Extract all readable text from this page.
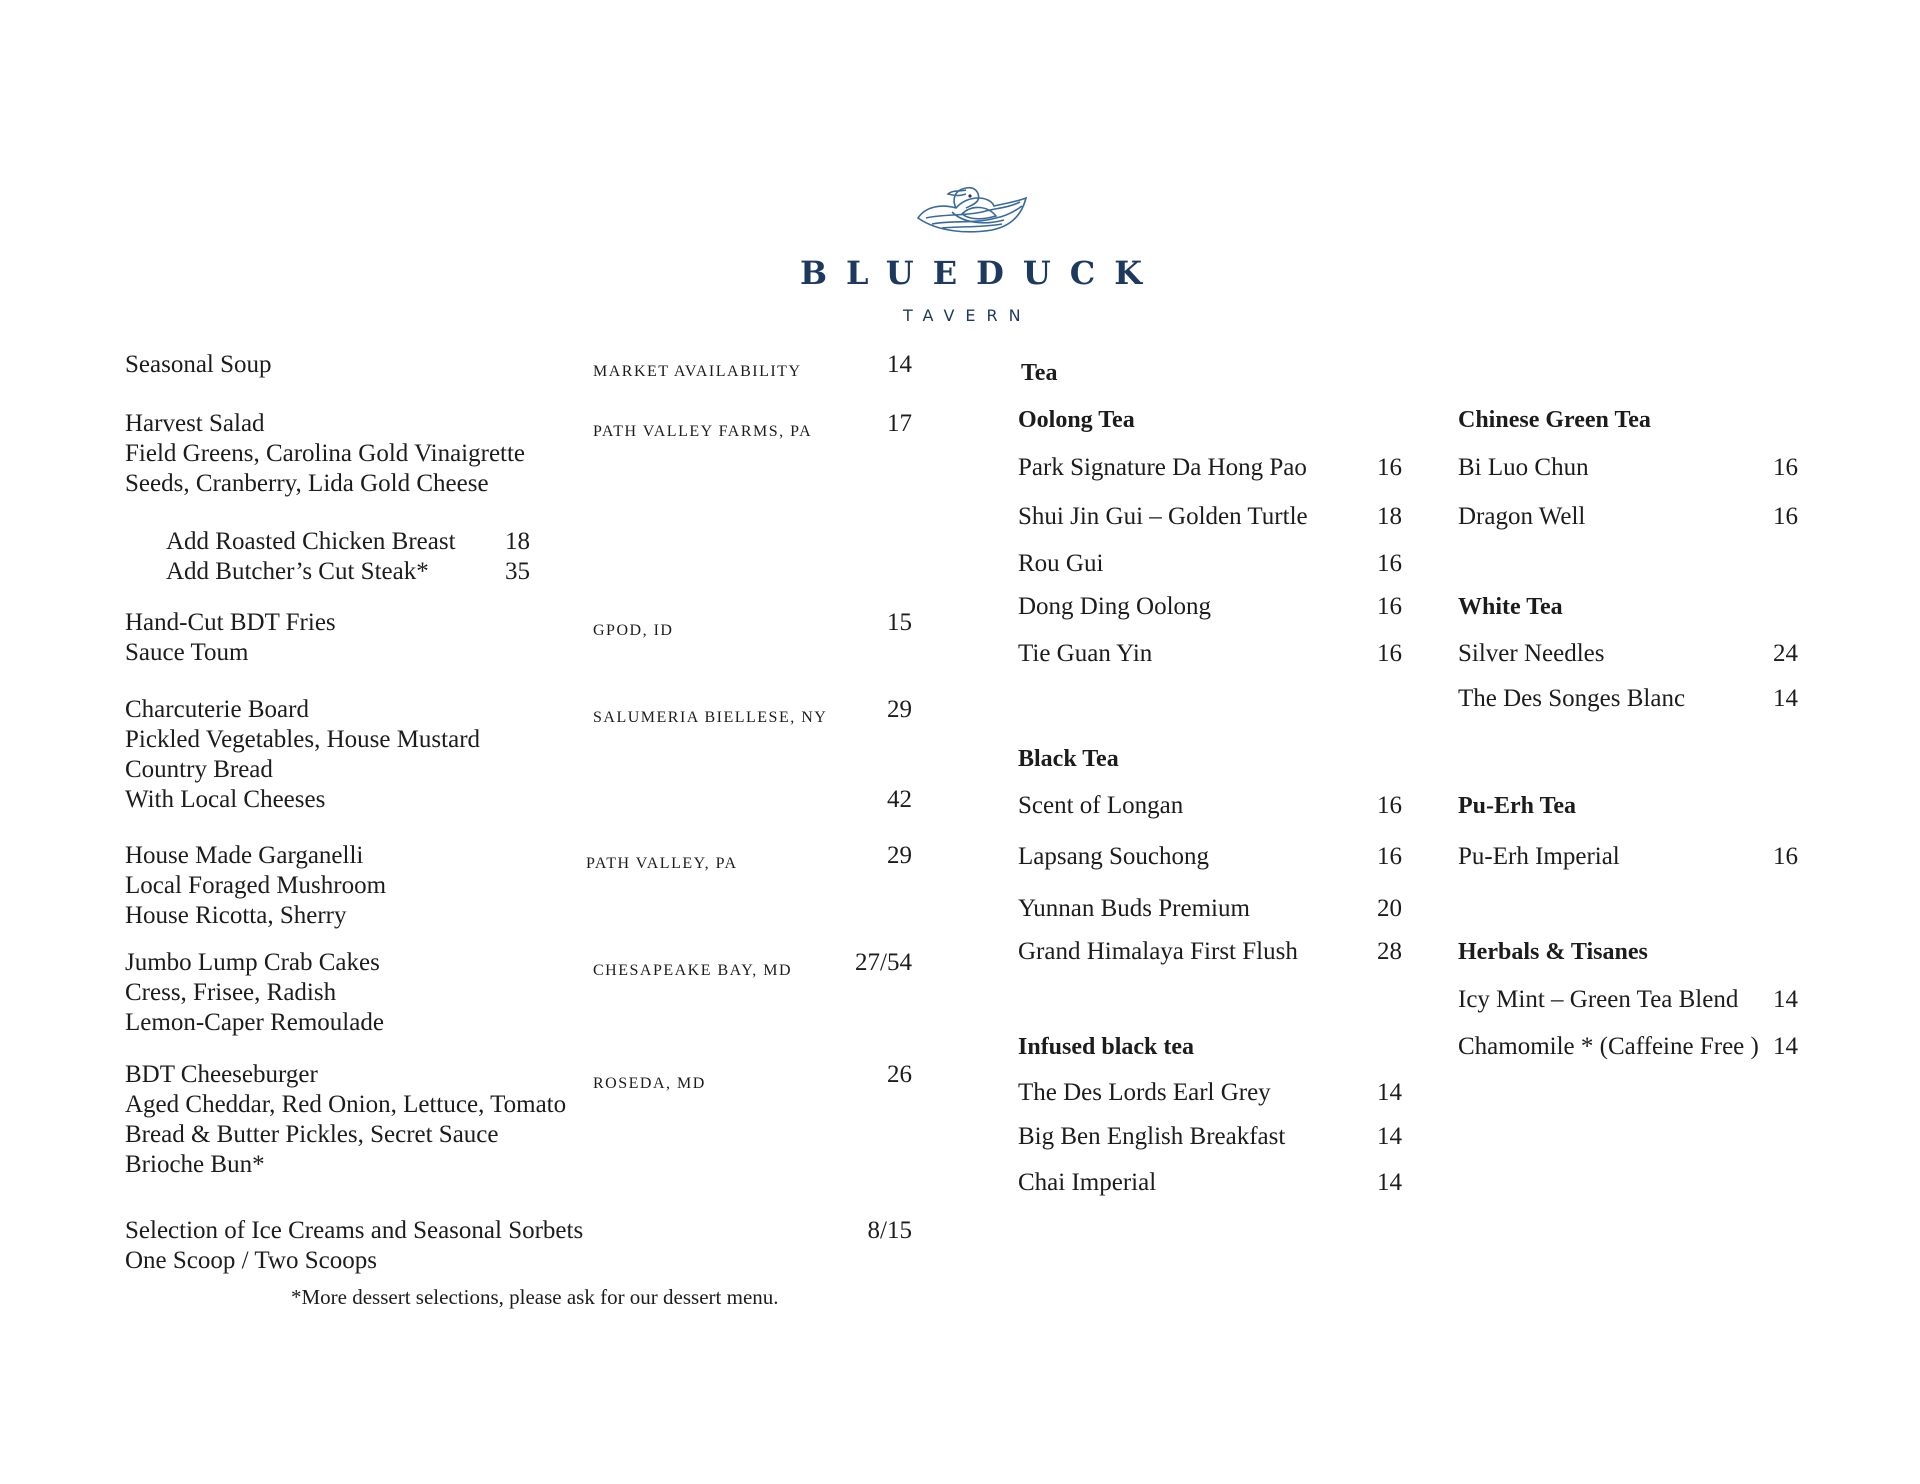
BLUEDUCK
TAVERN
Seasonal Soup	MARKET AVAILABILITY	14
Harvest Salad
Field Greens, Carolina Gold Vinaigrette
Seeds, Cranberry, Lida Gold Cheese
PATH VALLEY FARMS, PA	17
Add Roasted Chicken Breast 18
Add Butcher’s Cut Steak*	35
Hand-Cut BDT Fries
Sauce Toum
GPOD, ID	15
Charcuterie Board
Pickled Vegetables, House Mustard
Country Bread
With Local Cheeses
SALUMERIA BIELLESE, NY	29
42
House Made Garganelli
Local Foraged Mushroom
House Ricotta, Sherry
PATH VALLEY, PA	29
Jumbo Lump Crab Cakes
Cress, Frisee, Radish
Lemon-Caper Remoulade
CHESAPEAKE BAY, MD	27/54
BDT Cheeseburger
Aged Cheddar, Red Onion, Lettuce, Tomato
Bread & Butter Pickles, Secret Sauce
Brioche Bun*
ROSEDA, MD	26
Selection of Ice Creams and Seasonal Sorbets
One Scoop / Two Scoops
8/15
*More dessert selections, please ask for our dessert menu.
Tea
Oolong Tea
Park Signature Da Hong Pao	16
Shui Jin Gui – Golden Turtle	18
Rou Gui	16
Dong Ding Oolong	16
Tie Guan Yin	16
Black Tea
Scent of Longan	16
Lapsang Souchong	16
Yunnan Buds Premium	20
Grand Himalaya First Flush	28
Infused black tea
The Des Lords Earl Grey	14
Big Ben English Breakfast	14
Chai Imperial	14
Chinese Green Tea
Bi Luo Chun	16
Dragon Well	16
White Tea
Silver Needles	24
The Des Songes Blanc	14
Pu-Erh Tea
Pu-Erh Imperial	16
Herbals & Tisanes
Icy Mint – Green Tea Blend	14
Chamomile * (Caffeine Free ) 14
